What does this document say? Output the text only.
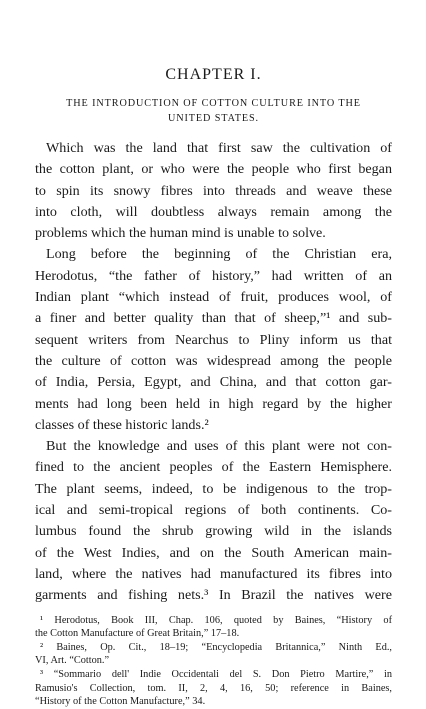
CHAPTER I.
THE INTRODUCTION OF COTTON CULTURE INTO THE
UNITED STATES.
Which was the land that first saw the cultivation of
the cotton plant, or who were the people who first began
to spin its snowy fibres into threads and weave these
into cloth, will doubtless always remain among the
problems which the human mind is unable to solve.
Long before the beginning of the Christian era,
Herodotus, “the father of history,” had written of an
Indian plant “which instead of fruit, produces wool, of
a finer and better quality than that of sheep,”¹ and sub-
sequent writers from Nearchus to Pliny inform us that
the culture of cotton was widespread among the people
of India, Persia, Egypt, and China, and that cotton gar-
ments had long been held in high regard by the higher
classes of these historic lands.²
But the knowledge and uses of this plant were not con-
fined to the ancient peoples of the Eastern Hemisphere.
The plant seems, indeed, to be indigenous to the trop-
ical and semi-tropical regions of both continents. Co-
lumbus found the shrub growing wild in the islands
of the West Indies, and on the South American main-
land, where the natives had manufactured its fibres into
garments and fishing nets.³ In Brazil the natives were
¹ Herodotus, Book III, Chap. 106, quoted by Baines, “History of
the Cotton Manufacture of Great Britain,” 17–18.
² Baines, Op. Cit., 18–19; “Encyclopedia Britannica,” Ninth Ed.,
VI, Art. “Cotton.”
³ “Sommario dell' Indie Occidentali del S. Don Pietro Martire,” in
Ramusio's Collection, tom. II, 2, 4, 16, 50; reference in Baines,
“History of the Cotton Manufacture,” 34.
